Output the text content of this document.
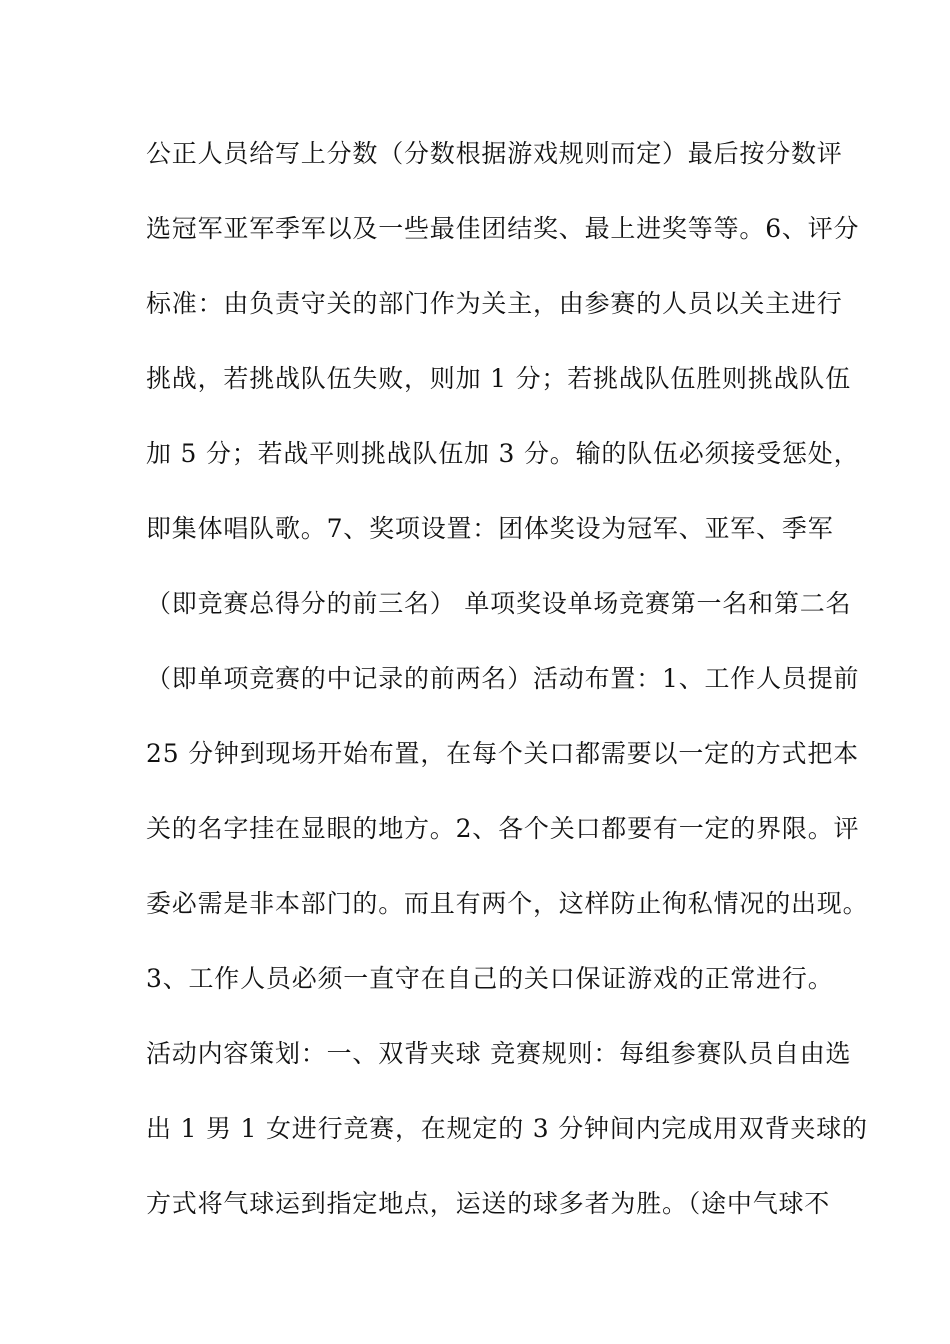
公正人员给写上分数（分数根据游戏规则而定）最后按分数评
选冠军亚军季军以及一些最佳团结奖、最上进奖等等。6、评分
标准：由负责守关的部门作为关主，由参赛的人员以关主进行
挑战，若挑战队伍失败，则加 1 分；若挑战队伍胜则挑战队伍
加 5 分；若战平则挑战队伍加 3 分。输的队伍必须接受惩处，
即集体唱队歌。7、奖项设置：团体奖设为冠军、亚军、季军
（即竞赛总得分的前三名） 单项奖设单场竞赛第一名和第二名
（即单项竞赛的中记录的前两名）活动布置：1、工作人员提前
25 分钟到现场开始布置，在每个关口都需要以一定的方式把本
关的名字挂在显眼的地方。2、各个关口都要有一定的界限。评
委必需是非本部门的。而且有两个，这样防止徇私情况的出现。
3、工作人员必须一直守在自己的关口保证游戏的正常进行。
活动内容策划：一、双背夹球 竞赛规则：每组参赛队员自由选
出 1 男 1 女进行竞赛，在规定的 3 分钟间内完成用双背夹球的
方式将气球运到指定地点，运送的球多者为胜。（途中气球不
